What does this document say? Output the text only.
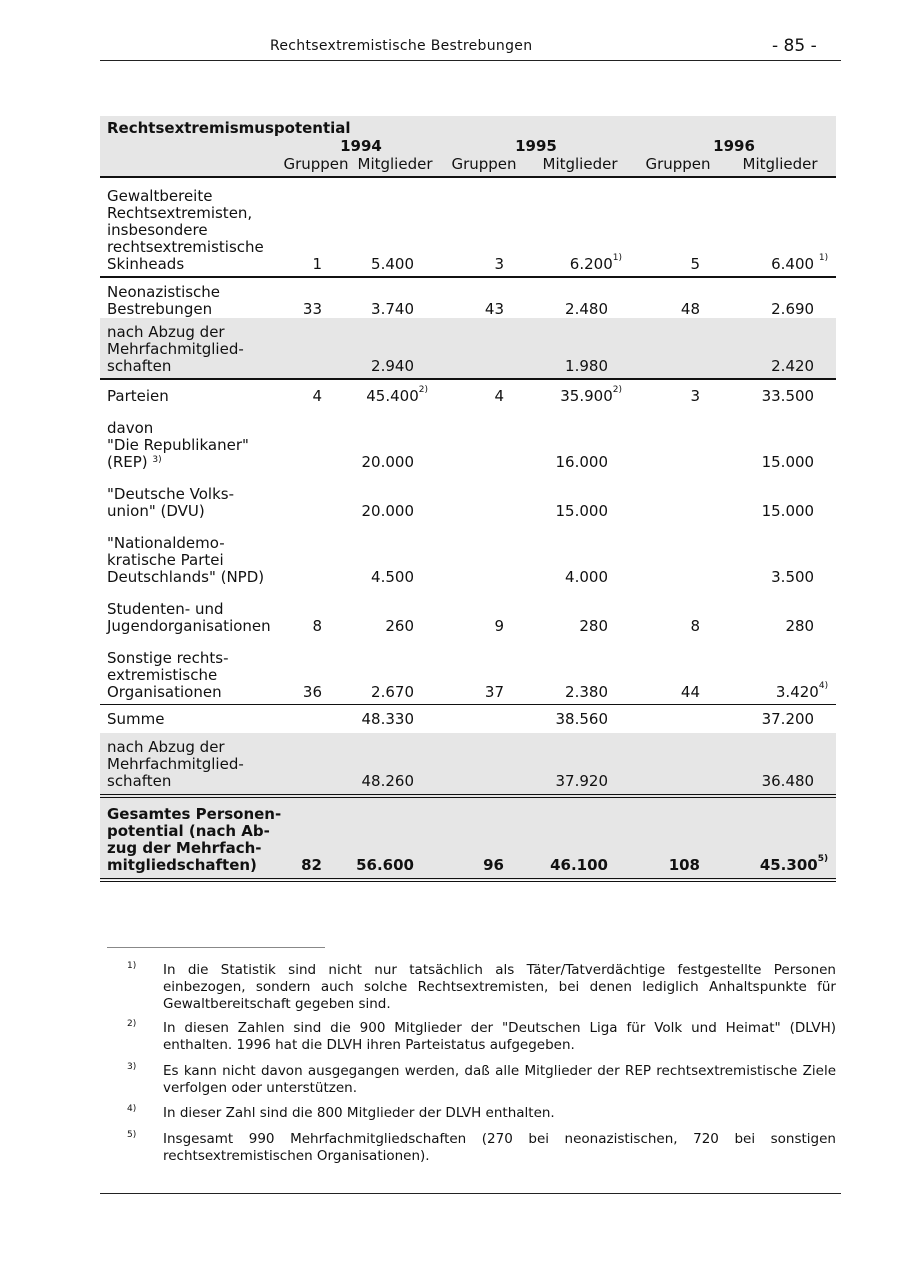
Rechtsextremistische Bestrebungen	- 85 -
Rechtsextremismuspotential						
	1994		1995		1996	
	Gruppen	Mitglieder	Gruppen	Mitglieder	Gruppen	Mitglieder
Gewaltbereite
Rechtsextremisten,
insbesondere
rechtsextremistische
Skinheads	1	5.400	3	6.200$^{1)}$	5	6.400 $^{1)}$
Neonazistische
Bestrebungen	33	3.740	43	2.480	48	2.690
nach Abzug der
Mehrfachmitglied-
schaften		2.940		1.980		2.420
Parteien	4	45.400$^{2)}$	4	35.900$^{2)}$	3	33.500
davon
"Die Republikaner"
(REP) $^{3)}$		20.000		16.000		15.000
"Deutsche Volks-
union" (DVU)		20.000		15.000		15.000
"Nationaldemo-
kratische Partei
Deutschlands" (NPD)		4.500		4.000		3.500
Studenten- und
Jugendorganisationen	8	260	9	280	8	280
Sonstige rechts-
extremistische
Organisationen	36	2.670	37	2.380	44	3.420$^{4)}$
Summe		48.330		38.560		37.200
nach Abzug der
Mehrfachmitglied-
schaften		48.260		37.920		36.480
Gesamtes Personen-
potential (nach Ab-
zug der Mehrfach-
mitgliedschaften)	82	56.600	96	46.100	108	45.300$^{5)}$
1) In die Statistik sind nicht nur tatsächlich als Täter/Tatverdächtige festgestellte Personen einbezogen, sondern auch solche Rechtsextremisten, bei denen lediglich Anhaltspunkte für Gewaltbereitschaft gegeben sind.
2) In diesen Zahlen sind die 900 Mitglieder der "Deutschen Liga für Volk und Heimat" (DLVH) enthalten. 1996 hat die DLVH ihren Parteistatus aufgegeben.
3) Es kann nicht davon ausgegangen werden, daß alle Mitglieder der REP rechtsextremistische Ziele verfolgen oder unterstützen.
4) In dieser Zahl sind die 800 Mitglieder der DLVH enthalten.
5) Insgesamt 990 Mehrfachmitgliedschaften (270 bei neonazistischen, 720 bei sonstigen rechtsextremistischen Organisationen).
